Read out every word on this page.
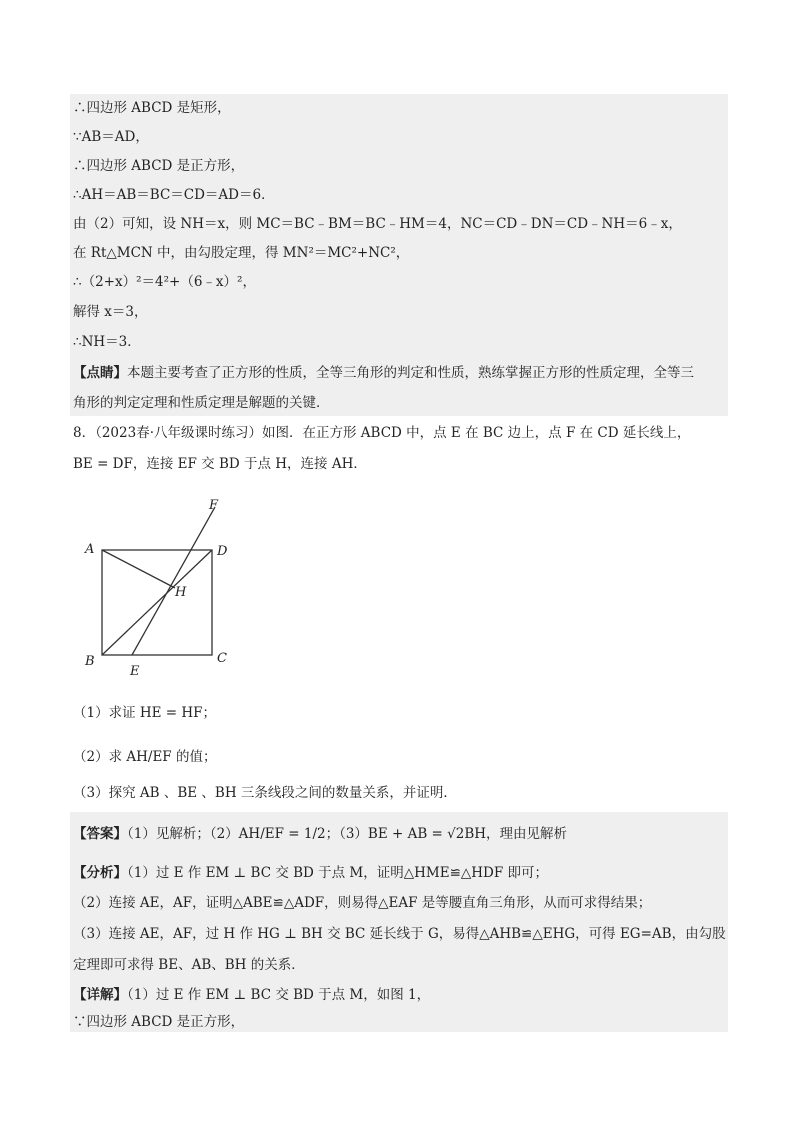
∴四边形 ABCD 是矩形，
∵AB＝AD，
∴四边形 ABCD 是正方形，
∴AH＝AB＝BC＝CD＝AD＝6．
由（2）可知，设 NH＝x，则 MC＝BC﹣BM＝BC﹣HM＝4，NC＝CD﹣DN＝CD﹣NH＝6﹣x，
在 Rt△MCN 中，由勾股定理，得 MN²＝MC²+NC²，
∴（2+x）²＝4²+（6﹣x）²，
解得 x＝3，
∴NH＝3．
【点睛】本题主要考查了正方形的性质，全等三角形的判定和性质，熟练掌握正方形的性质定理，全等三
角形的判定定理和性质定理是解题的关键．
8．（2023春·八年级课时练习）如图．在正方形 ABCD 中，点 E 在 BC 边上，点 F 在 CD 延长线上，
BE = DF，连接 EF 交 BD 于点 H，连接 AH．
A	D
B	C
E
F
H
（1）求证 HE = HF；
（2）求 AH/EF 的值；
（3）探究 AB 、BE 、BH 三条线段之间的数量关系，并证明．
【答案】（1）见解析；（2）AH/EF = 1/2；（3）BE + AB = √2BH，理由见解析
【分析】（1）过 E 作 EM ⊥ BC 交 BD 于点 M，证明△HME≌△HDF 即可；
（2）连接 AE，AF，证明△ABE≌△ADF，则易得△EAF 是等腰直角三角形，从而可求得结果；
（3）连接 AE，AF，过 H 作 HG ⊥ BH 交 BC 延长线于 G，易得△AHB≌△EHG，可得 EG=AB，由勾股
定理即可求得 BE、AB、BH 的关系．
【详解】（1）过 E 作 EM ⊥ BC 交 BD 于点 M，如图 1，
∵四边形 ABCD 是正方形，
